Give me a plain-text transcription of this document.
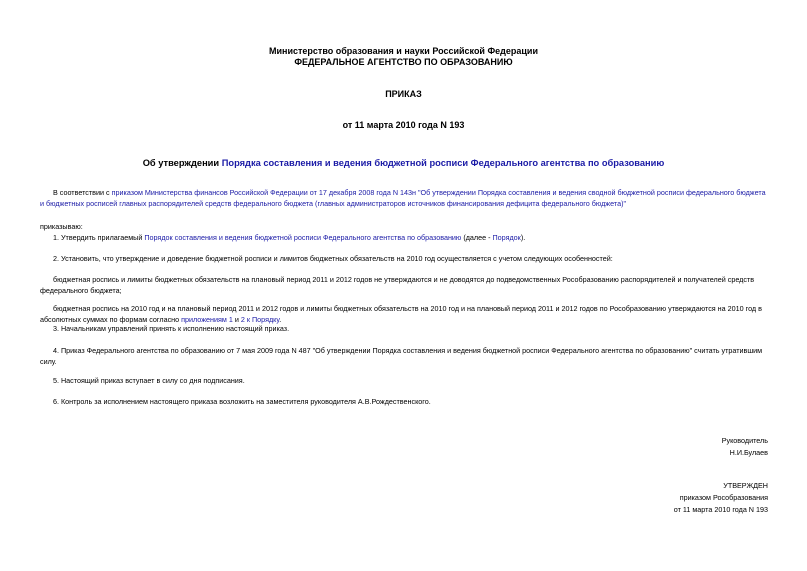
Министерство образования и науки Российской Федерации
ФЕДЕРАЛЬНОЕ АГЕНТСТВО ПО ОБРАЗОВАНИЮ
ПРИКАЗ
от 11 марта 2010 года N 193
Об утверждении Порядка составления и ведения бюджетной росписи Федерального агентства по образованию
В соответствии с приказом Министерства финансов Российской Федерации от 17 декабря 2008 года N 143н "Об утверждении Порядка составления и ведения сводной бюджетной росписи федерального бюджета и бюджетных росписей главных распорядителей средств федерального бюджета (главных администраторов источников финансирования дефицита федерального бюджета)"
приказываю:
1. Утвердить прилагаемый Порядок составления и ведения бюджетной росписи Федерального агентства по образованию (далее - Порядок).
2. Установить, что утверждение и доведение бюджетной росписи и лимитов бюджетных обязательств на 2010 год осуществляется с учетом следующих особенностей:
бюджетная роспись и лимиты бюджетных обязательств на плановый период 2011 и 2012 годов не утверждаются и не доводятся до подведомственных Рособразованию распорядителей и получателей средств федерального бюджета;
бюджетная роспись на 2010 год и на плановый период 2011 и 2012 годов и лимиты бюджетных обязательств на 2010 год и на плановый период 2011 и 2012 годов по Рособразованию утверждаются на 2010 год в абсолютных суммах по формам согласно приложениям 1 и 2 к Порядку.
3. Начальникам управлений принять к исполнению настоящий приказ.
4. Приказ Федерального агентства по образованию от 7 мая 2009 года N 487 "Об утверждении Порядка составления и ведения бюджетной росписи Федерального агентства по образованию" считать утратившим силу.
5. Настоящий приказ вступает в силу со дня подписания.
6. Контроль за исполнением настоящего приказа возложить на заместителя руководителя А.В.Рождественского.
Руководитель
Н.И.Булаев
УТВЕРЖДЕН
приказом Рособразования
от 11 марта 2010 года N 193
